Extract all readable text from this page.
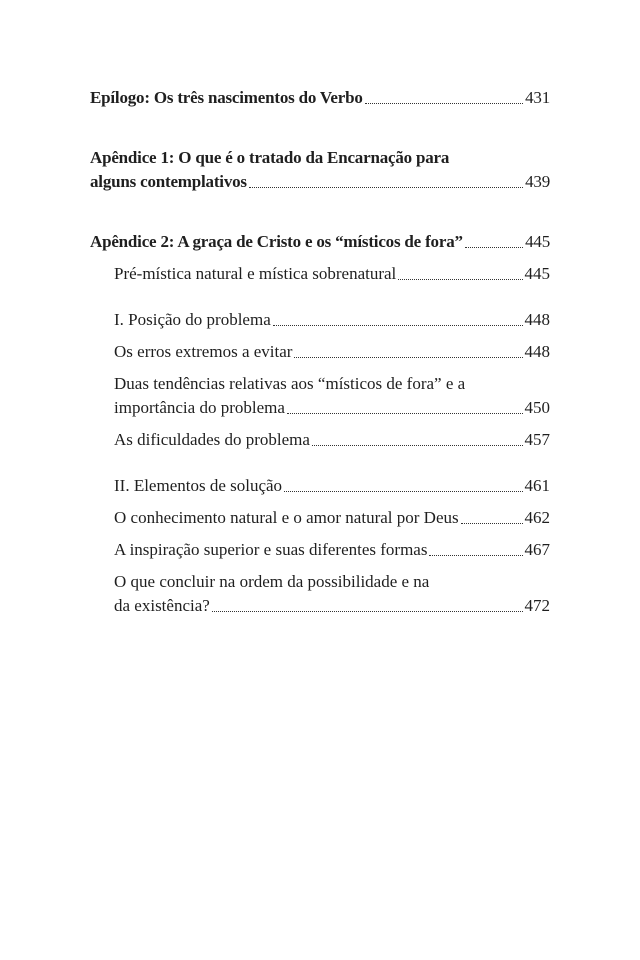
Epílogo: Os três nascimentos do Verbo	431
Apêndice 1: O que é o tratado da Encarnação para
alguns contemplativos	439
Apêndice 2: A graça de Cristo e os “místicos de fora”	445
Pré-mística natural e mística sobrenatural	445
I. Posição do problema	448
Os erros extremos a evitar	448
Duas tendências relativas aos “místicos de fora” e a
importância do problema	450
As dificuldades do problema	457
II. Elementos de solução	461
O conhecimento natural e o amor natural por Deus	462
A inspiração superior e suas diferentes formas	467
O que concluir na ordem da possibilidade e na
da existência?	472
